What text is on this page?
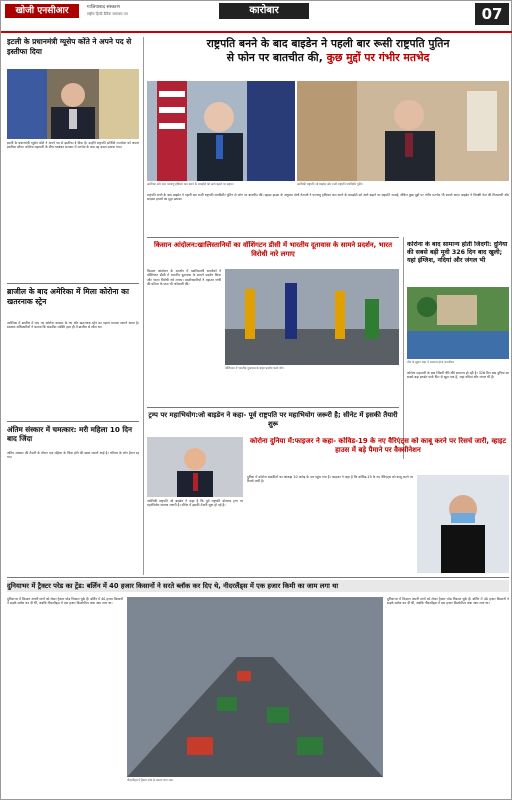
खोजी एनसीआर	गाजियाबाद संस्करण
राष्ट्रीय हिन्दी दैनिक समाचार पत्र	कारोबार	07
राष्ट्रपति बनने के बाद बाइडेन ने पहली बार रूसी राष्ट्रपति पुतिन
से फोन पर बातचीत की, कुछ मुद्दों पर गंभीर मतभेद
इटली के प्रधानमंत्री ग्यूसेप कोंते ने अपने पद से इस्तीफा दिया
इटली के प्रधानमंत्री ग्यूसेप कोंते ने अपने पद से इस्तीफा दे दिया है। उन्होंने राष्ट्रपति सर्जियो मत्तारेला को अपना इस्तीफा सौंपा। कोरोना महामारी के बीच गठबंधन सरकार में मतभेद के बाद यह कदम उठाया गया।
ब्राजील के बाद अमेरिका में मिला कोरोना का खतरनाक स्ट्रेन
अमेरिका में ब्राजील में पाए गए कोरोना वायरस के नए और खतरनाक स्ट्रेन का पहला मामला सामने आया है। स्वास्थ्य अधिकारियों ने बताया कि संक्रमित व्यक्ति हाल ही में ब्राजील से लौटा था।
अंतिम संस्कार में चमत्कार: मरी महिला 10 दिन बाद जिंदा
अंतिम संस्कार की तैयारी के दौरान एक महिला के जिंदा होने की खबर सामने आई है। परिवार के लोग हैरान रह गए।
अमेरिका और रूस परमाणु हथियार कम करने के समझौते को आगे बढ़ाने पर सहमत	अमेरिकी राष्ट्रपति जो बाइडेन और रूसी राष्ट्रपति व्लादिमीर पुतिन
राष्ट्रपति बनने के बाद बाइडेन ने पहली बार रूसी राष्ट्रपति व्लादिमीर पुतिन से फोन पर बातचीत की। व्हाइट हाउस के अनुसार दोनों नेताओं ने परमाणु हथियार कम करने के समझौते को आगे बढ़ाने पर सहमति जताई, लेकिन कुछ मुद्दों पर गंभीर मतभेद भी सामने आए। बाइडेन ने विपक्षी नेता की गिरफ्तारी और साइबर हमलों का मुद्दा उठाया।
किसान आंदोलन:खालिस्तानियों का वॉशिंगटन डीसी में भारतीय दूतावास के सामने प्रदर्शन, भारत विरोधी नारे लगाए
किसान आंदोलन के समर्थन में खालिस्तानी समर्थकों ने वॉशिंगटन डीसी में भारतीय दूतावास के सामने प्रदर्शन किया और भारत विरोधी नारे लगाए। प्रदर्शनकारियों ने महात्मा गांधी की प्रतिमा के पास भी नारेबाजी की।
वॉशिंगटन में भारतीय दूतावास के बाहर प्रदर्शन करते लोग
कोरोना के बाद सामान्य होती जिंदगी: दुनिया की सबसे बड़ी मूवी 326 दिन बाद खुली; यहां इंग्लिश, नदियां और जंगल भी
चीन के वुहान शहर में सामान्य होता जनजीवन
कोरोना महामारी के बाद जिंदगी धीरे-धीरे सामान्य हो रही है। 326 दिन बाद दुनिया का सबसे बड़ा इनडोर पार्क फिर से खुल गया है, जहां नदियां और जंगल भी हैं।
ट्रम्प पर महाभियोग:जो बाइडेन ने कहा- पूर्व राष्ट्रपति पर महाभियोग जरूरी है; सीनेट में इसकी तैयारी शुरू
अमेरिकी राष्ट्रपति जो बाइडेन ने कहा है कि पूर्व राष्ट्रपति डोनाल्ड ट्रम्प पर महाभियोग चलाना जरूरी है। सीनेट में इसकी तैयारी शुरू हो गई है।
कोरोना दुनिया में:फाइजर ने कहा- कोविड-19 के नए वैरिएंट्स को काबू करने पर रिसर्च जारी, व्हाइट हाउस में बड़े पैमाने पर वैक्सीनेशन
दुनिया में कोरोना संक्रमितों का आंकड़ा 10 करोड़ के पार पहुंच गया है। फाइजर ने कहा है कि कोविड-19 के नए वैरिएंट्स को काबू करने पर रिसर्च जारी है।
दुनियाभर में ट्रैक्टर परेड का ट्रेंड: बर्लिन में 40 हजार किसानों ने सरते ब्लॉक कर दिए थे, नीदरलैंड्स में एक हजार किमी का जाम लगा था
दुनियाभर में किसान अपनी मांगों को लेकर ट्रैक्टर परेड निकाल चुके हैं। बर्लिन में 40 हजार किसानों ने सड़कें ब्लॉक कर दी थीं, जबकि नीदरलैंड्स में एक हजार किलोमीटर लंबा जाम लगा था।
नीदरलैंड्स में ट्रैक्टर परेड के कारण लगा जाम
दुनियाभर में किसान अपनी मांगों को लेकर ट्रैक्टर परेड निकाल चुके हैं। बर्लिन में 40 हजार किसानों ने सड़कें ब्लॉक कर दी थीं, जबकि नीदरलैंड्स में एक हजार किलोमीटर लंबा जाम लगा था।
